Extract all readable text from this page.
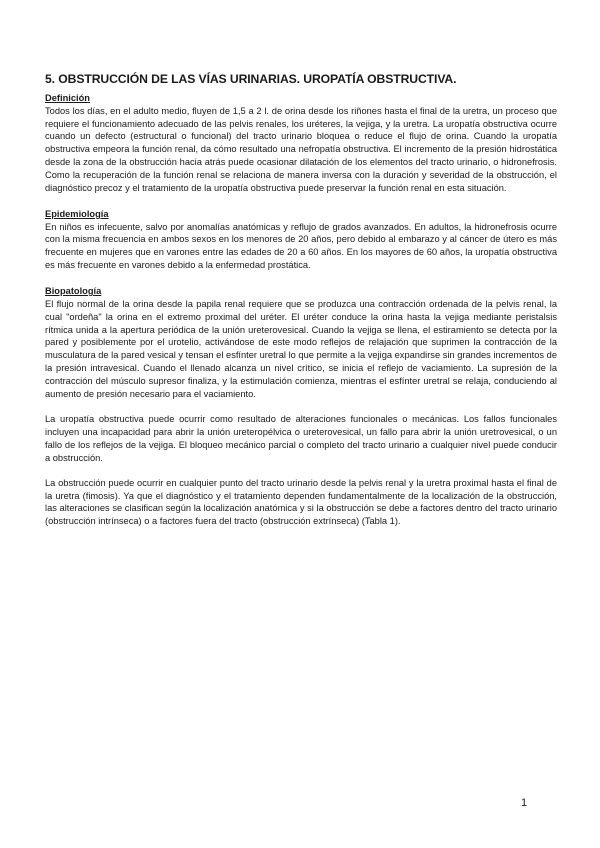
5. OBSTRUCCIÓN DE LAS VÍAS URINARIAS. UROPATÍA OBSTRUCTIVA.
Definición

Todos los días, en el adulto medio, fluyen de 1,5 a 2 l. de orina desde los riñones hasta el final de la uretra, un proceso que requiere el funcionamiento adecuado de las pelvis renales, los uréteres, la vejiga, y la uretra. La uropatía obstructiva ocurre cuando un defecto (estructural o funcional) del tracto urinario bloquea o reduce el flujo de orina. Cuando la uropatía obstructiva empeora la función renal, da cómo resultado una nefropatía obstructiva. El incremento de la presión hidrostática desde la zona de la obstrucción hacia atrás puede ocasionar dilatación de los elementos del tracto urinario, o hidronefrosis. Como la recuperación de la función renal se relaciona de manera inversa con la duración y severidad de la obstrucción, el diagnóstico precoz y el tratamiento de la uropatía obstructiva puede preservar la función renal en esta situación.

Epidemiología

En niños es infecuente, salvo por anomalías anatómicas y reflujo de grados avanzados. En adultos, la hidronefrosis ocurre con la misma frecuencia en ambos sexos en los menores de 20 años, pero debido al embarazo y al cáncer de útero es más frecuente en mujeres que en varones entre las edades de 20 a 60 años. En los mayores de 60 años, la uropatía obstructiva es más frecuente en varones debido a la enfermedad prostática.

Biopatología

El flujo normal de la orina desde la papila renal requiere que se produzca una contracción ordenada de la pelvis renal, la cual "ordeña" la orina en el extremo proximal del uréter. El uréter conduce la orina hasta la vejiga mediante peristalsis rítmica unida a la apertura periódica de la unión ureterovesical. Cuando la vejiga se llena, el estiramiento se detecta por la pared y posiblemente por el urotelio, activándose de este modo reflejos de relajación que suprimen la contracción de la musculatura de la pared vesical y tensan el esfínter uretral lo que permite a la vejiga expandirse sin grandes incrementos de la presión intravesical. Cuando el llenado alcanza un nivel crítico, se inicia el reflejo de vaciamiento. La supresión de la contracción del músculo supresor finaliza, y la estimulación comienza, mientras el esfínter uretral se relaja, conduciendo al aumento de presión necesario para el vaciamiento.

La uropatía obstructiva puede ocurrir como resultado de alteraciones funcionales o mecánicas. Los fallos funcionales incluyen una incapacidad para abrir la unión ureteropélvica o ureterovesical, un fallo para abrir la unión uretrovesical, o un fallo de los reflejos de la vejiga. El bloqueo mecánico parcial o completo del tracto urinario a cualquier nivel puede conducir a obstrucción.

La obstrucción puede ocurrir en cualquier punto del tracto urinario desde la pelvis renal y la uretra proximal hasta el final de la uretra (fimosis). Ya que el diagnóstico y el tratamiento dependen fundamentalmente de la localización de la obstrucción, las alteraciones se clasifican según la localización anatómica y si la obstrucción se debe a factores dentro del tracto urinario (obstrucción intrínseca) o a factores fuera del tracto (obstrucción extrínseca) (Tabla 1).

1
